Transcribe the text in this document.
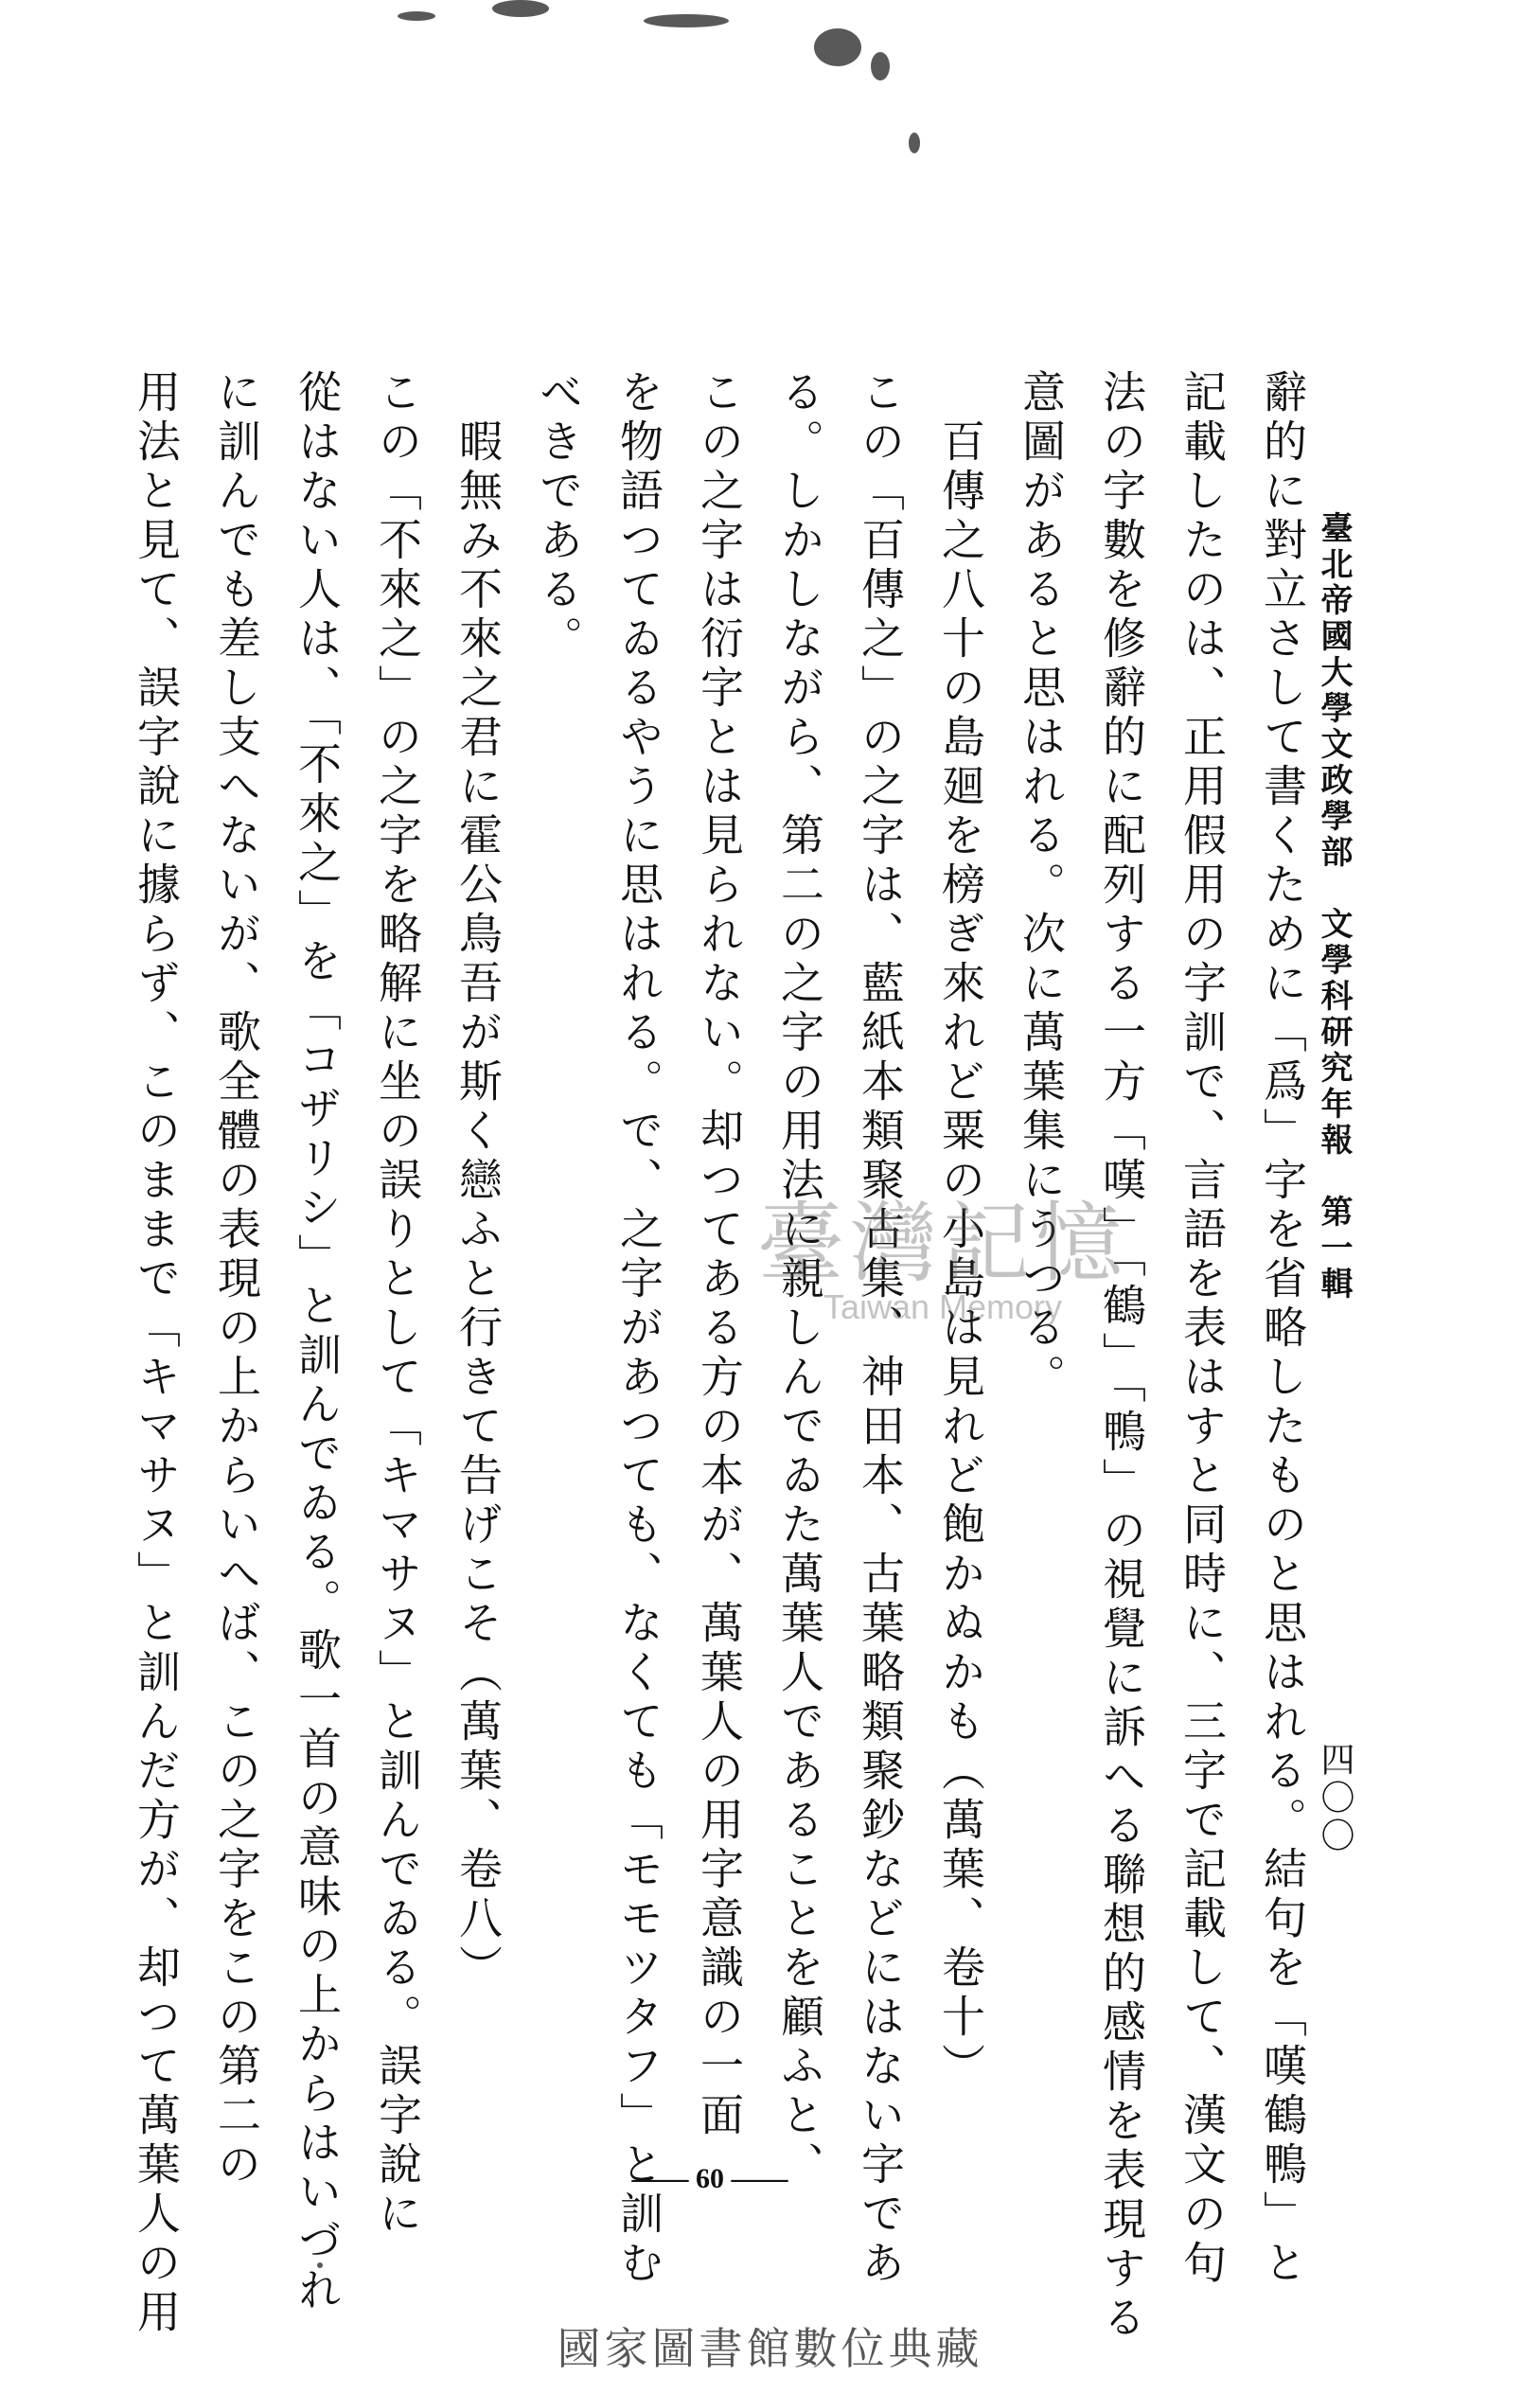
臺北帝國大學文政學部　文學科研究年報　第一輯
四〇〇
辭的に對立さして書くために「爲」字を省略したものと思はれる。結句を「嘆鶴鴨」と
記載したのは、正用假用の字訓で、言語を表はすと同時に、三字で記載して、漢文の句
法の字數を修辭的に配列する一方「嘆」「鶴」「鴨」の視覺に訴へる聯想的感情を表現する
意圖があると思はれる。次に萬葉集にうつる。
　百傳之八十の島廻を榜ぎ來れど粟の小島は見れど飽かぬかも（萬葉、卷十）
この「百傳之」の之字は、藍紙本類聚古集、神田本、古葉略類聚鈔などにはない字であ
る。しかしながら、第二の之字の用法に親しんでゐた萬葉人であることを顧ふと、
この之字は衍字とは見られない。却つてある方の本が、萬葉人の用字意識の一面
を物語つてゐるやうに思はれる。で、之字があつても、なくても「モモツタフ」と訓む
べきである。
　暇無み不來之君に霍公鳥吾が斯く戀ふと行きて告げこそ（萬葉、卷八）
この「不來之」の之字を略解に坐の誤りとして「キマサヌ」と訓んでゐる。誤字說に
從はない人は、「不來之」を「コザリシ」と訓んでゐる。歌一首の意味の上からはいづれ
に訓んでも差し支へないが、歌全體の表現の上からいへば、この之字をこの第二の
用法と見て、誤字說に據らず、このままで「キマサヌ」と訓んだ方が、却つて萬葉人の用	臺灣記憶
Taiwan Memory
―― 60 ――
國家圖書館數位典藏
